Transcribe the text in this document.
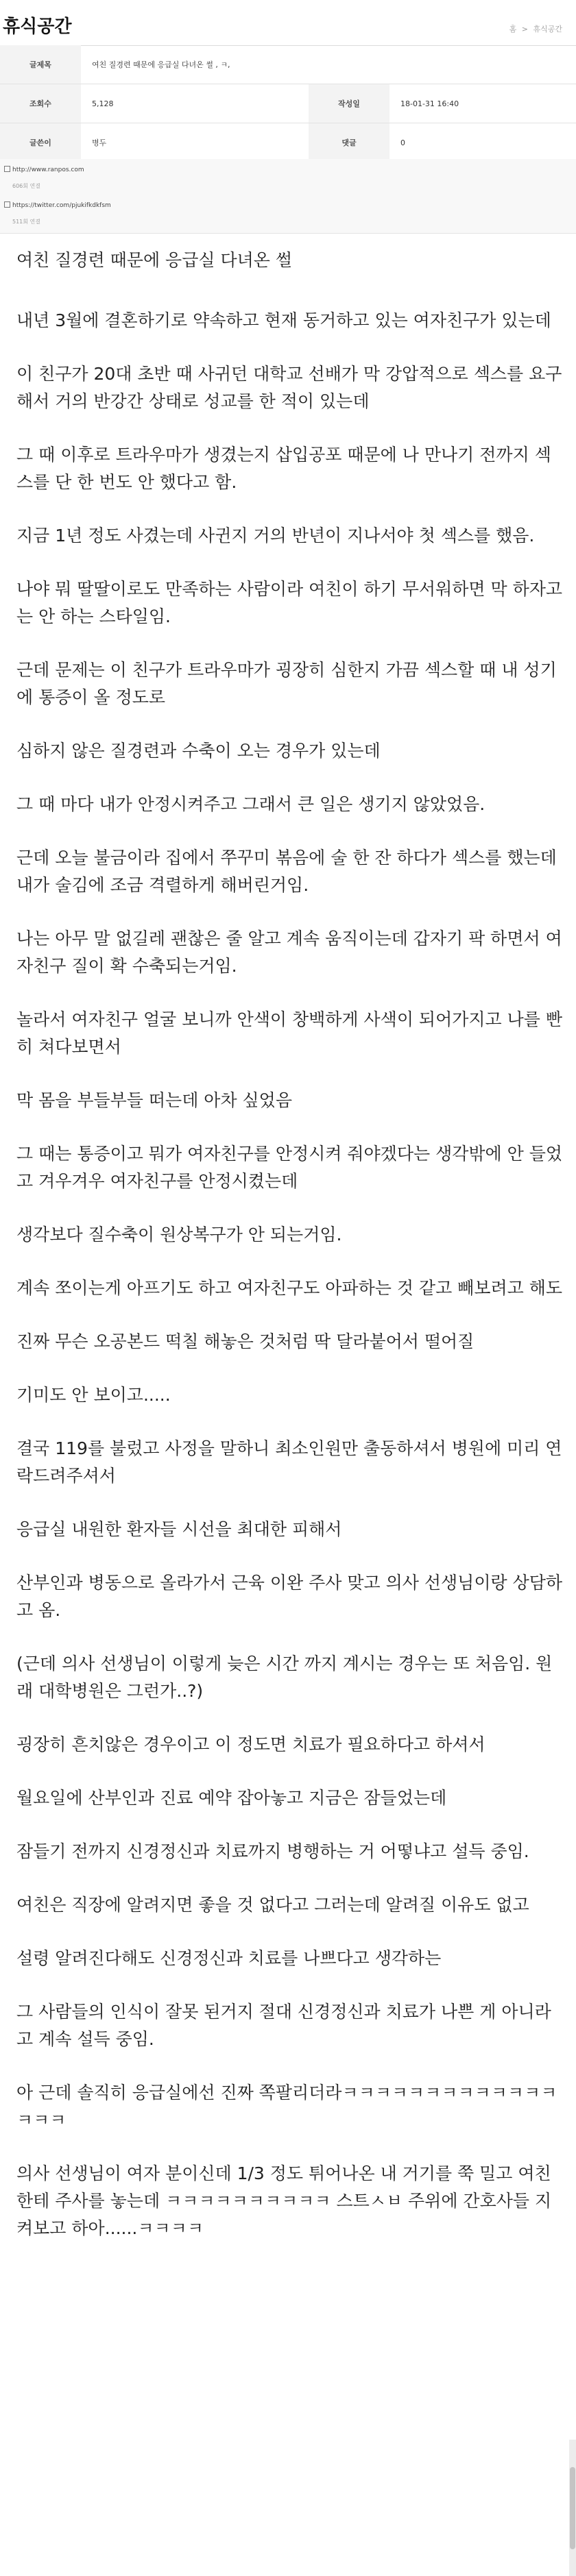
휴식공간	홈 > 휴식공간
글제목	여친 질경련 때문에 응급실 다녀온 썰 , ㅋ,		
조회수	5,128	작성일	18-01-31 16:40
글쓴이	병두	댓글	0
http://www.ranpos.com
606회 연결
https://twitter.com/pjukifkdkfsm
511회 연결

여친 질경련 때문에 응급실 다녀온 썰

내년 3월에 결혼하기로 약속하고 현재 동거하고 있는 여자친구가 있는데

이 친구가 20대 초반 때 사귀던 대학교 선배가 막 강압적으로 섹스를 요구해서 거의 반강간 상태로 성교를 한 적이 있는데

그 때 이후로 트라우마가 생겼는지 삽입공포 때문에 나 만나기 전까지 섹스를 단 한 번도 안 했다고 함.

지금 1년 정도 사겼는데 사귄지 거의 반년이 지나서야 첫 섹스를 했음.

나야 뭐 딸딸이로도 만족하는 사람이라 여친이 하기 무서워하면 막 하자고는 안 하는 스타일임.

근데 문제는 이 친구가 트라우마가 굉장히 심한지 가끔 섹스할 때 내 성기에 통증이 올 정도로

심하지 않은 질경련과 수축이 오는 경우가 있는데

그 때 마다 내가 안정시켜주고 그래서 큰 일은 생기지 않았었음.

근데 오늘 불금이라 집에서 쭈꾸미 볶음에 술 한 잔 하다가 섹스를 했는데 내가 술김에 조금 격렬하게 해버린거임.

나는 아무 말 없길레 괜찮은 줄 알고 계속 움직이는데 갑자기 팍 하면서 여자친구 질이 확 수축되는거임.

놀라서 여자친구 얼굴 보니까 안색이 창백하게 사색이 되어가지고 나를 빤히 쳐다보면서

막 몸을 부들부들 떠는데 아차 싶었음

그 때는 통증이고 뭐가 여자친구를 안정시켜 줘야겠다는 생각밖에 안 들었고 겨우겨우 여자친구를 안정시켰는데

생각보다 질수축이 원상복구가 안 되는거임.

계속 쪼이는게 아프기도 하고 여자친구도 아파하는 것 같고 빼보려고 해도

진짜 무슨 오공본드 떡칠 해놓은 것처럼 딱 달라붙어서 떨어질

기미도 안 보이고.....

결국 119를 불렀고 사정을 말하니 최소인원만 출동하셔서 병원에 미리 연락드려주셔서

응급실 내원한 환자들 시선을 최대한 피해서

산부인과 병동으로 올라가서 근육 이완 주사 맞고 의사 선생님이랑 상담하고 옴.

(근데 의사 선생님이 이렇게 늦은 시간 까지 계시는 경우는 또 처음임. 원래 대학병원은 그런가..?)

굉장히 흔치않은 경우이고 이 정도면 치료가 필요하다고 하셔서

월요일에 산부인과 진료 예약 잡아놓고 지금은 잠들었는데

잠들기 전까지 신경정신과 치료까지 병행하는 거 어떻냐고 설득 중임.

여친은 직장에 알려지면 좋을 것 없다고 그러는데 알려질 이유도 없고

설령 알려진다해도 신경정신과 치료를 나쁘다고 생각하는

그 사람들의 인식이 잘못 된거지 절대 신경정신과 치료가 나쁜 게 아니라고 계속 설득 중임.

아 근데 솔직히 응급실에선 진짜 쪽팔리더라ㅋㅋㅋㅋㅋㅋㅋㅋㅋㅋㅋㅋㅋㅋㅋㅋ

의사 선생님이 여자 분이신데 1/3 정도 튀어나온 내 거기를 쭉 밀고 여친한테 주사를 놓는데 ㅋㅋㅋㅋㅋㅋㅋㅋㅋㅋ 스트ㅅㅂ 주위에 간호사들 지켜보고 하아......ㅋㅋㅋㅋ
